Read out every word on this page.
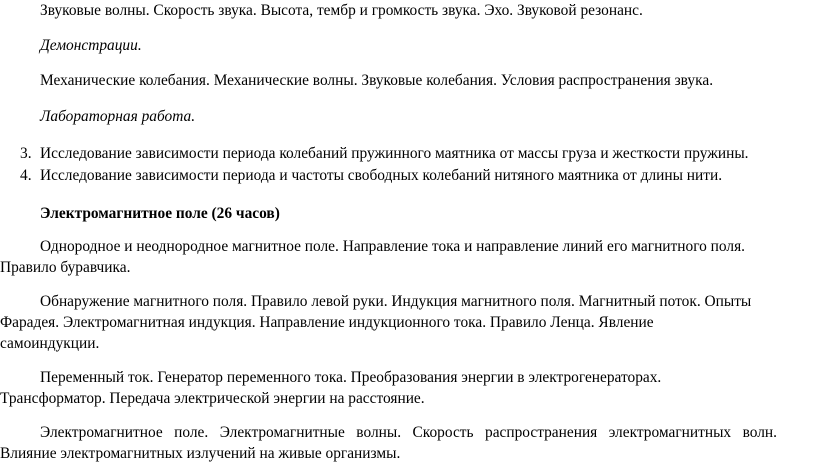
Звуковые волны. Скорость звука. Высота, тембр и громкость звука. Эхо. Звуковой резонанс.
Демонстрации.
Механические колебания. Механические волны. Звуковые колебания. Условия распространения звука.
Лабораторная работа.
3. Исследование зависимости периода колебаний пружинного маятника от массы груза и жесткости пружины.
4. Исследование зависимости периода и частоты свободных колебаний нитяного маятника от длины нити.
Электромагнитное поле (26 часов)
Однородное и неоднородное магнитное поле. Направление тока и направление линий его магнитного поля.
Правило буравчика.
Обнаружение магнитного поля. Правило левой руки. Индукция магнитного поля. Магнитный поток. Опыты
Фарадея. Электромагнитная индукция. Направление индукционного тока. Правило Ленца. Явление
самоиндукции.
Переменный ток. Генератор переменного тока. Преобразования энергии в электрогенераторах.
Трансформатор. Передача электрической энергии на расстояние.
Электромагнитное поле. Электромагнитные волны. Скорость распространения электромагнитных волн.
Влияние электромагнитных излучений на живые организмы.
